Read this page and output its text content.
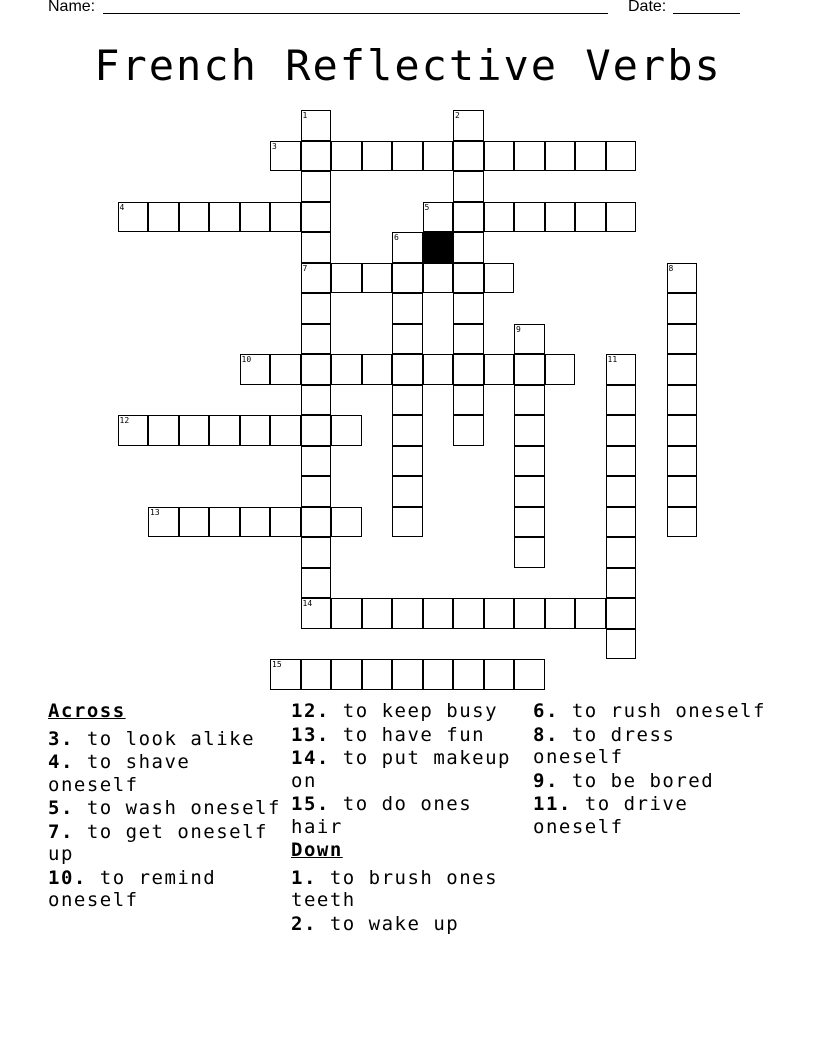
Name:	Date:
French Reflective Verbs
1
7
2
3
4	5
6
8
9
10	11
12
13
14
15
Across
3. to look alike
4. to shave oneself
5. to wash oneself
7. to get oneself up
10. to remind oneself
12. to keep busy
13. to have fun
14. to put makeup on
15. to do ones hair
Down
1. to brush ones teeth
2. to wake up
6. to rush oneself
8. to dress oneself
9. to be bored
11. to drive oneself
